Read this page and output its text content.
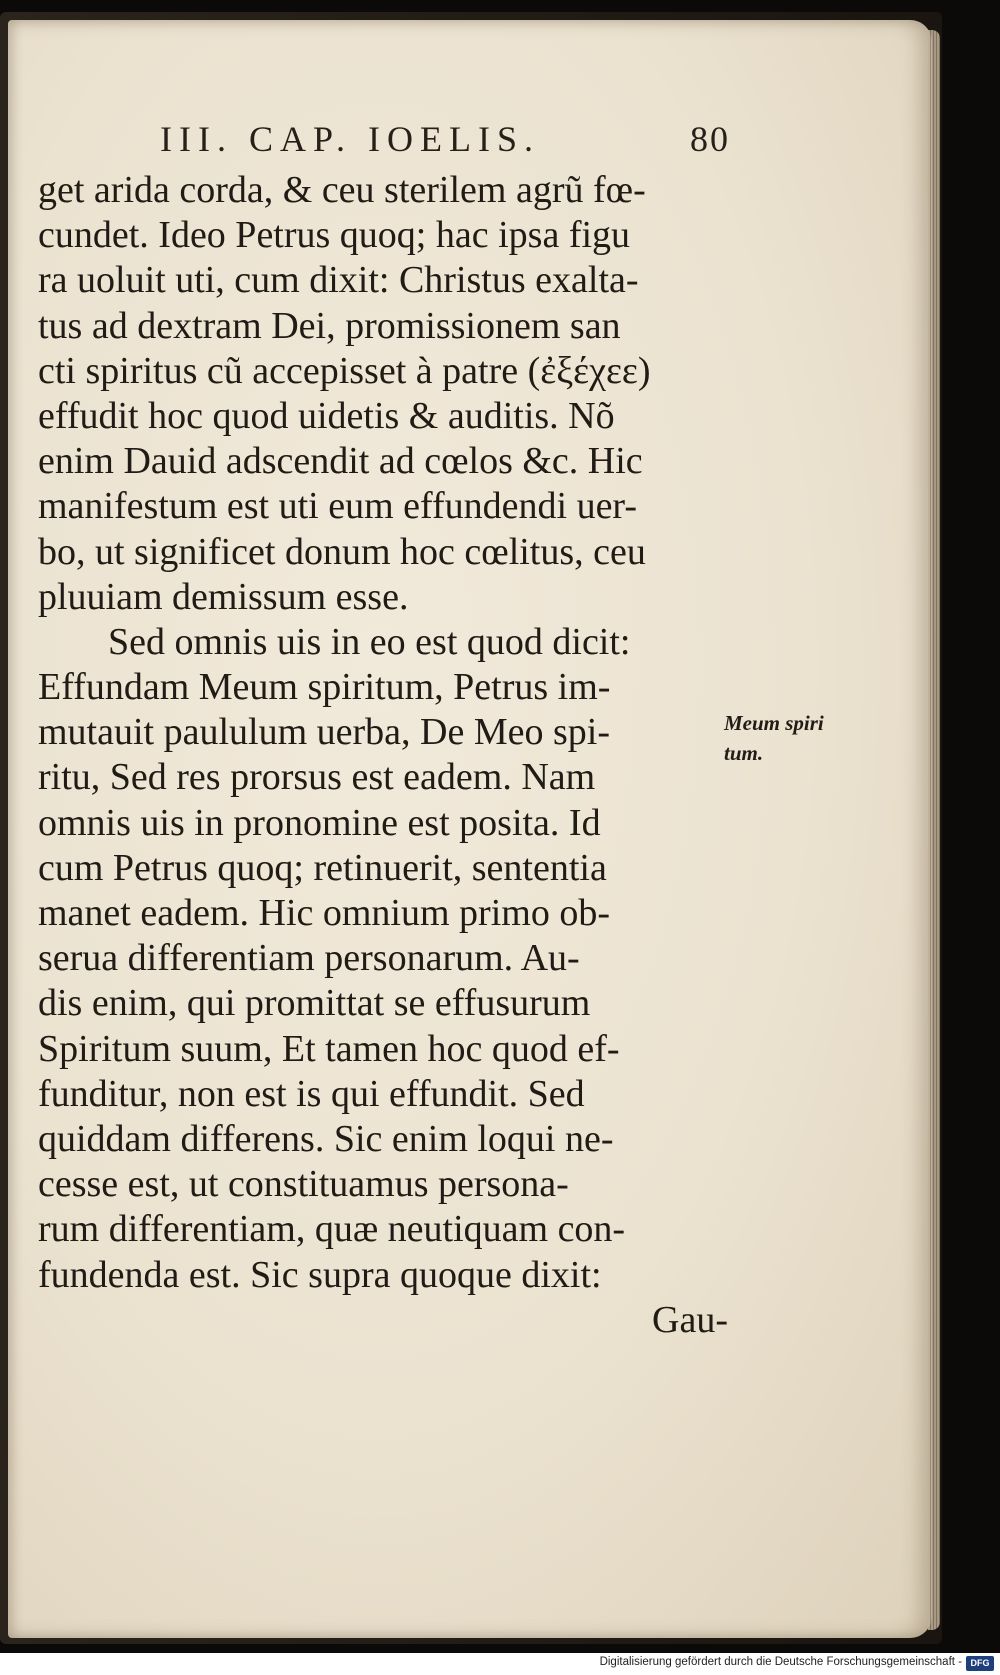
III. CAP. IOELIS.	80
get arida corda, & ceu sterilem agrũ fœ-
cundet. Ideo Petrus quoq; hac ipsa figu
ra uoluit uti, cum dixit: Christus exalta-
tus ad dextram Dei, promissionem san
cti spiritus cũ accepisset à patre (ἐξέχεε)
effudit hoc quod uidetis & auditis. Nõ
enim Dauid adscendit ad cœlos &c. Hic
manifestum est uti eum effundendi uer-
bo, ut significet donum hoc cœlitus, ceu
pluuiam demissum esse.
Sed omnis uis in eo est quod dicit:
Effundam Meum spiritum, Petrus im-
mutauit paululum uerba, De Meo spi-
ritu, Sed res prorsus est eadem. Nam
omnis uis in pronomine est posita. Id
cum Petrus quoq; retinuerit, sententia
manet eadem. Hic omnium primo ob-
serua differentiam personarum. Au-
dis enim, qui promittat se effusurum
Spiritum suum, Et tamen hoc quod ef-
funditur, non est is qui effundit. Sed
quiddam differens. Sic enim loqui ne-
cesse est, ut constituamus persona-
rum differentiam, quæ neutiquam con-
fundenda est. Sic supra quoque dixit:
Gau-
Meum spiri
tum.
Digitalisierung gefördert durch die Deutsche Forschungsgemeinschaft - DFG
